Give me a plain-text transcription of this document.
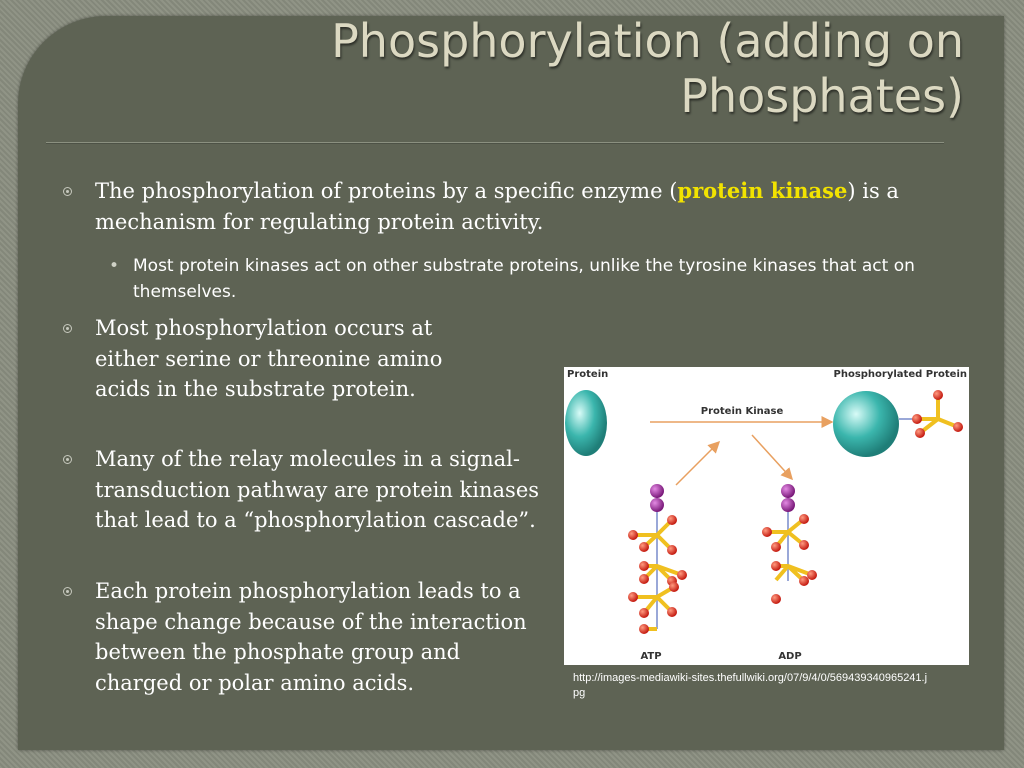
Phosphorylation (adding on
Phosphates)
The phosphorylation of proteins by a specific enzyme (protein kinase) is a mechanism for regulating protein activity.
• Most protein kinases act on other substrate proteins, unlike the tyrosine kinases that act on themselves.
Most phosphorylation occurs at either serine or threonine amino acids in the substrate protein.
Many of the relay molecules in a signal-transduction pathway are protein kinases that lead to a “phosphorylation cascade”.
Each protein phosphorylation leads to a shape change because of the interaction between the phosphate group and charged or polar amino acids.
Protein	Phosphorylated Protein
Protein Kinase
ATP	ADP
http://images-mediawiki-sites.thefullwiki.org/07/9/4/0/569439340965241.jpg
